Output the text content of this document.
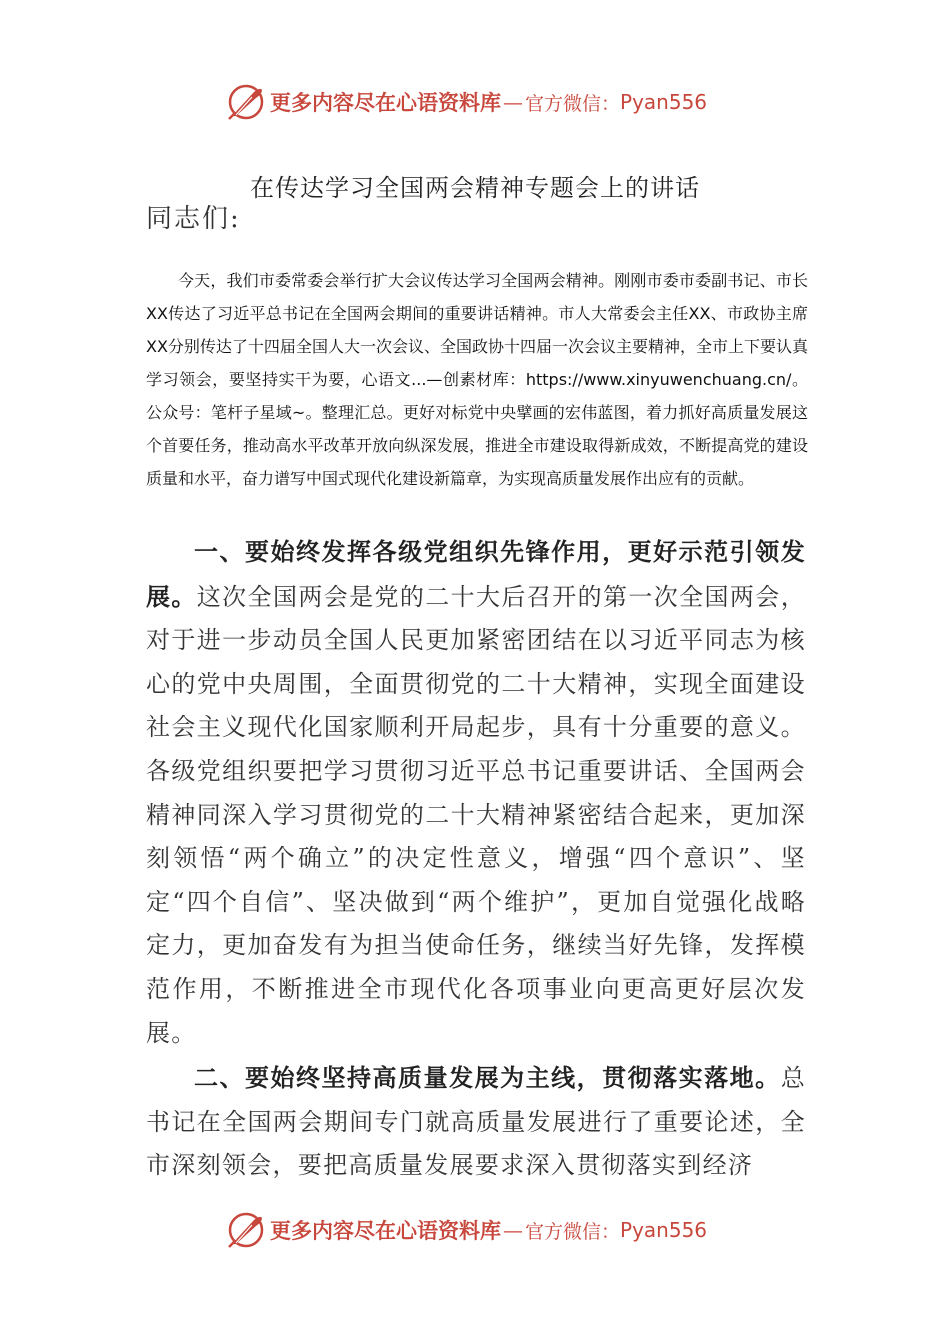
更多内容尽在心语资料库 — 官方微信： Pyan556
在传达学习全国两会精神专题会上的讲话
同志们:
今天，我们市委常委会举行扩大会议传达学习全国两会精神。刚刚市委市委副书记、市长XX传达了习近平总书记在全国两会期间的重要讲话精神。市人大常委会主任XX、市政协主席XX分别传达了十四届全国人大一次会议、全国政协十四届一次会议主要精神，全市上下要认真学习领会，要坚持实干为要，心语文...—创素材库：https://www.xinyuwenchuang.cn/。公众号：笔杆子星域~。整理汇总。更好对标党中央擘画的宏伟蓝图，着力抓好高质量发展这个首要任务，推动高水平改革开放向纵深发展，推进全市建设取得新成效，不断提高党的建设质量和水平，奋力谱写中国式现代化建设新篇章，为实现高质量发展作出应有的贡献。
一、要始终发挥各级党组织先锋作用，更好示范引领发展。这次全国两会是党的二十大后召开的第一次全国两会，对于进一步动员全国人民更加紧密团结在以习近平同志为核心的党中央周围，全面贯彻党的二十大精神，实现全面建设社会主义现代化国家顺利开局起步，具有十分重要的意义。各级党组织要把学习贯彻习近平总书记重要讲话、全国两会精神同深入学习贯彻党的二十大精神紧密结合起来，更加深刻领悟“两个确立”的决定性意义，增强“四个意识”、坚定“四个自信”、坚决做到“两个维护”，更加自觉强化战略定力，更加奋发有为担当使命任务，继续当好先锋，发挥模范作用，不断推进全市现代化各项事业向更高更好层次发展。
二、要始终坚持高质量发展为主线，贯彻落实落地。总书记在全国两会期间专门就高质量发展进行了重要论述，全市深刻领会，要把高质量发展要求深入贯彻落实到经济
更多内容尽在心语资料库 — 官方微信： Pyan556
